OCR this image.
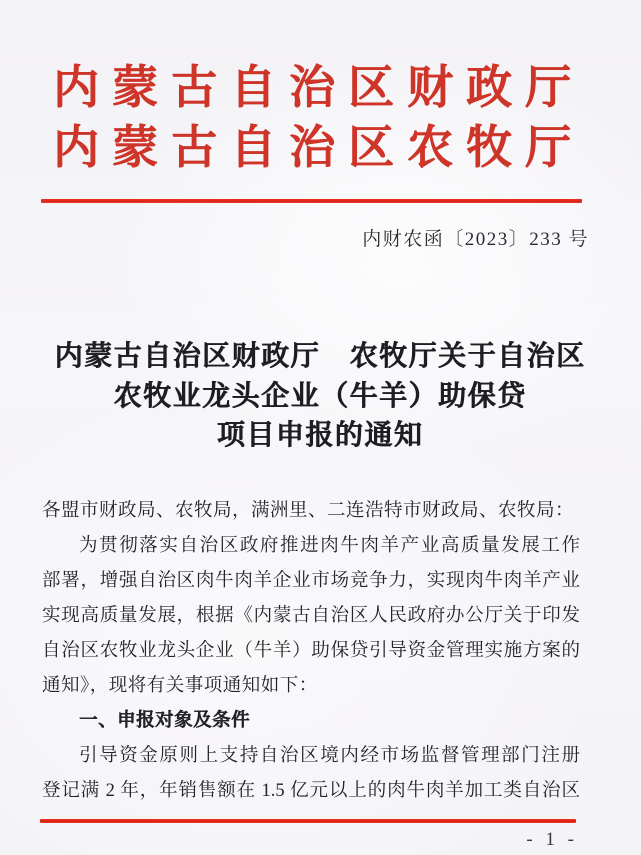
内蒙古自治区财政厅
内蒙古自治区农牧厅
内财农函〔2023〕233 号
内蒙古自治区财政厅　农牧厅关于自治区
农牧业龙头企业（牛羊）助保贷
项目申报的通知
各盟市财政局、农牧局，满洲里、二连浩特市财政局、农牧局：
为贯彻落实自治区政府推进肉牛肉羊产业高质量发展工作
部署，增强自治区肉牛肉羊企业市场竞争力，实现肉牛肉羊产业
实现高质量发展，根据《内蒙古自治区人民政府办公厅关于印发
自治区农牧业龙头企业（牛羊）助保贷引导资金管理实施方案的
通知》，现将有关事项通知如下：
一、申报对象及条件
引导资金原则上支持自治区境内经市场监督管理部门注册
登记满 2 年，年销售额在 1.5 亿元以上的肉牛肉羊加工类自治区
- 1 -
